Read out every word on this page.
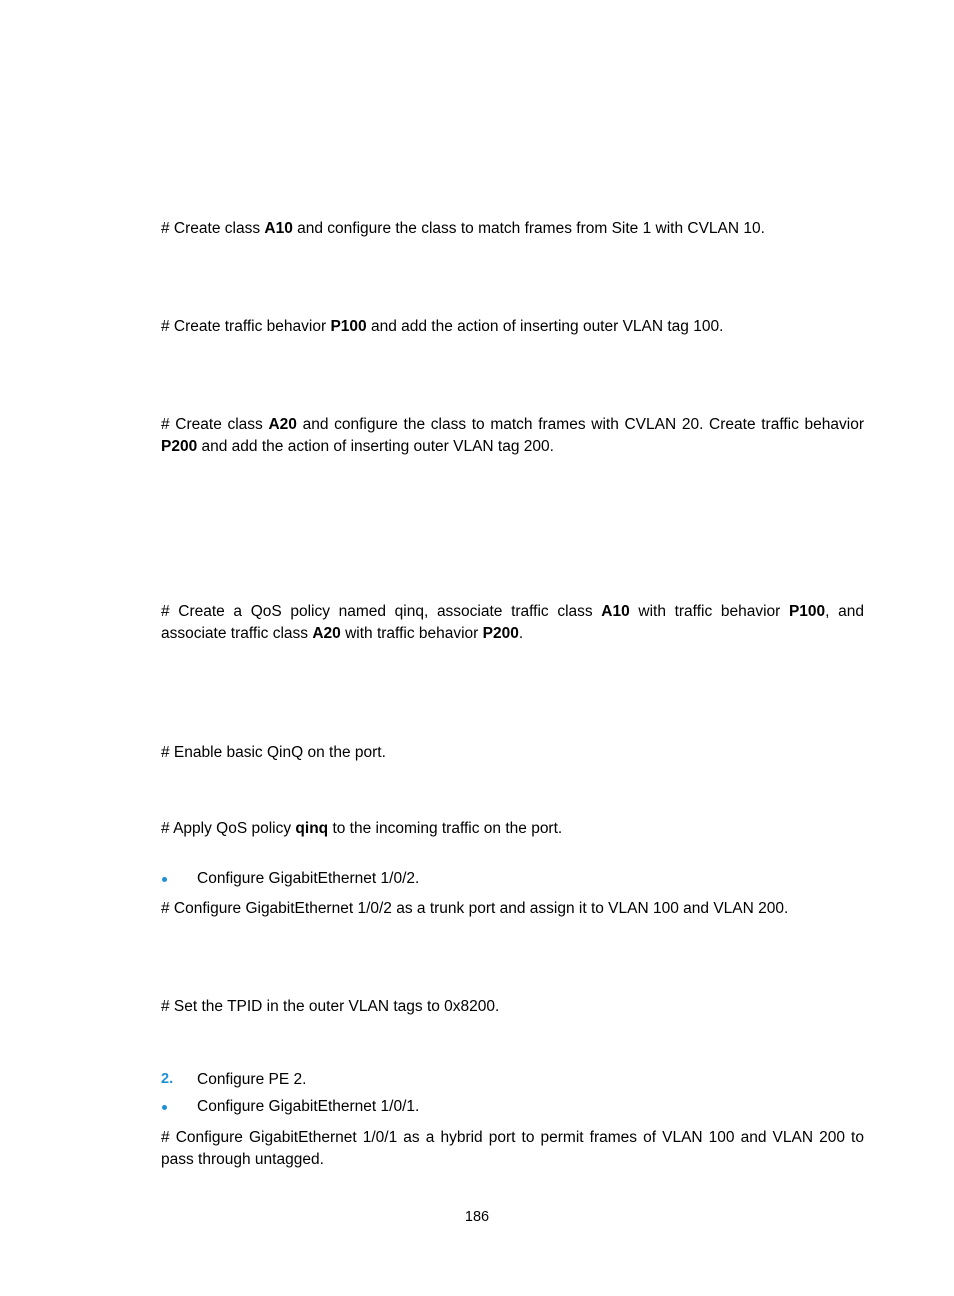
# Create class A10 and configure the class to match frames from Site 1 with CVLAN 10.

# Create traffic behavior P100 and add the action of inserting outer VLAN tag 100.

# Create class A20 and configure the class to match frames with CVLAN 20. Create traffic behavior P200 and add the action of inserting outer VLAN tag 200.

# Create a QoS policy named qinq, associate traffic class A10 with traffic behavior P100, and associate traffic class A20 with traffic behavior P200.

# Enable basic QinQ on the port.

# Apply QoS policy qinq to the incoming traffic on the port.

Configure GigabitEthernet 1/0/2.

# Configure GigabitEthernet 1/0/2 as a trunk port and assign it to VLAN 100 and VLAN 200.

# Set the TPID in the outer VLAN tags to 0x8200.

2. Configure PE 2.
Configure GigabitEthernet 1/0/1.

# Configure GigabitEthernet 1/0/1 as a hybrid port to permit frames of VLAN 100 and VLAN 200 to pass through untagged.

186
